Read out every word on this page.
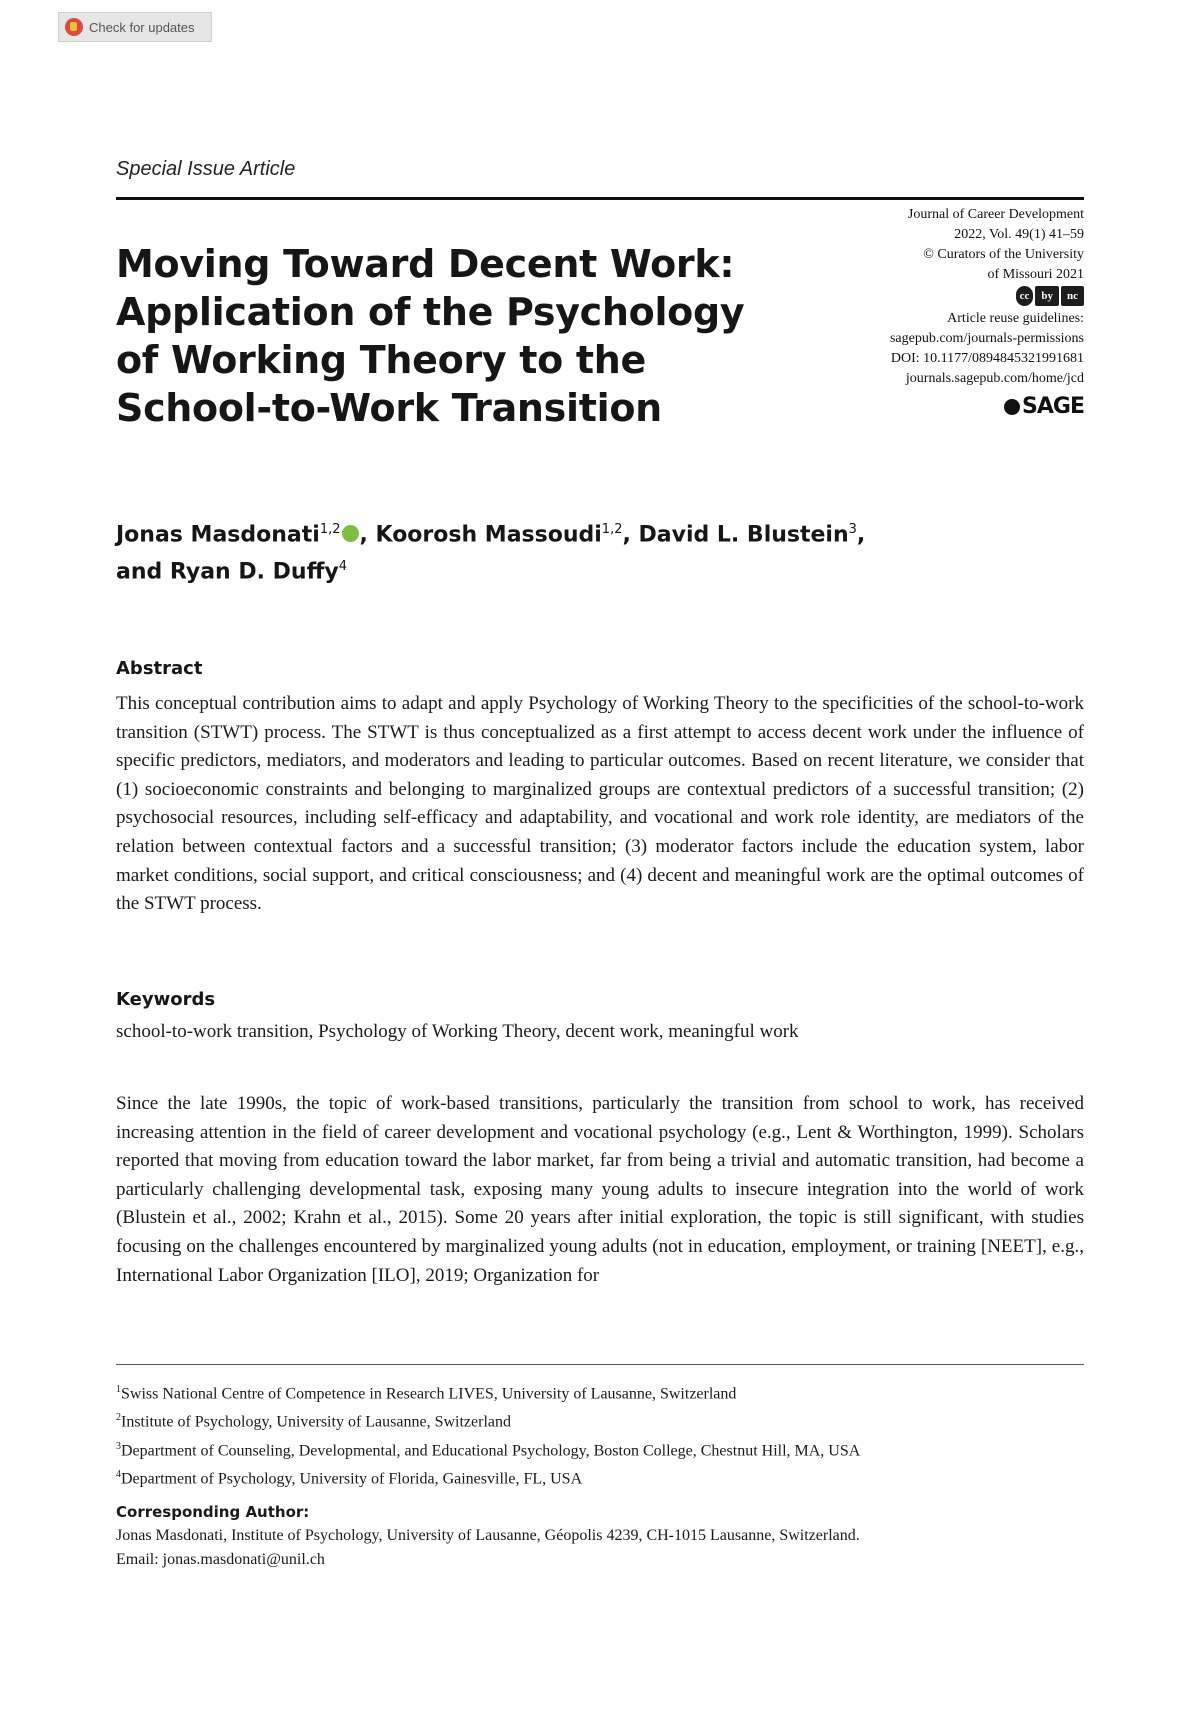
Check for updates
Special Issue Article
Moving Toward Decent Work:
Application of the Psychology
of Working Theory to the
School-to-Work Transition
Journal of Career Development
2022, Vol. 49(1) 41–59
© Curators of the University
of Missouri 2021
cc	by	nc
Article reuse guidelines:
sagepub.com/journals-permissions
DOI: 10.1177/0894845321991681
journals.sagepub.com/home/jcd
SAGE
Jonas Masdonati$^{1,2}$ , Koorosh Massoudi$^{1,2}$, David L. Blustein$^3$,
and Ryan D. Duffy$^4$
Abstract
This conceptual contribution aims to adapt and apply Psychology of Working Theory to the specificities of the school-to-work transition (STWT) process. The STWT is thus conceptualized as a first attempt to access decent work under the influence of specific predictors, mediators, and moderators and leading to particular outcomes. Based on recent literature, we consider that (1) socioeconomic constraints and belonging to marginalized groups are contextual predictors of a successful transition; (2) psychosocial resources, including self-efficacy and adaptability, and vocational and work role identity, are mediators of the relation between contextual factors and a successful transition; (3) moderator factors include the education system, labor market conditions, social support, and critical consciousness; and (4) decent and meaningful work are the optimal outcomes of the STWT process.
Keywords
school-to-work transition, Psychology of Working Theory, decent work, meaningful work
Since the late 1990s, the topic of work-based transitions, particularly the transition from school to work, has received increasing attention in the field of career development and vocational psychology (e.g., Lent & Worthington, 1999). Scholars reported that moving from education toward the labor market, far from being a trivial and automatic transition, had become a particularly challenging developmental task, exposing many young adults to insecure integration into the world of work (Blustein et al., 2002; Krahn et al., 2015). Some 20 years after initial exploration, the topic is still significant, with studies focusing on the challenges encountered by marginalized young adults (not in education, employment, or training [NEET], e.g., International Labor Organization [ILO], 2019; Organization for
$^1$Swiss National Centre of Competence in Research LIVES, University of Lausanne, Switzerland
$^2$Institute of Psychology, University of Lausanne, Switzerland
$^3$Department of Counseling, Developmental, and Educational Psychology, Boston College, Chestnut Hill, MA, USA
$^4$Department of Psychology, University of Florida, Gainesville, FL, USA
Corresponding Author:
Jonas Masdonati, Institute of Psychology, University of Lausanne, Géopolis 4239, CH-1015 Lausanne, Switzerland.
Email: jonas.masdonati@unil.ch
